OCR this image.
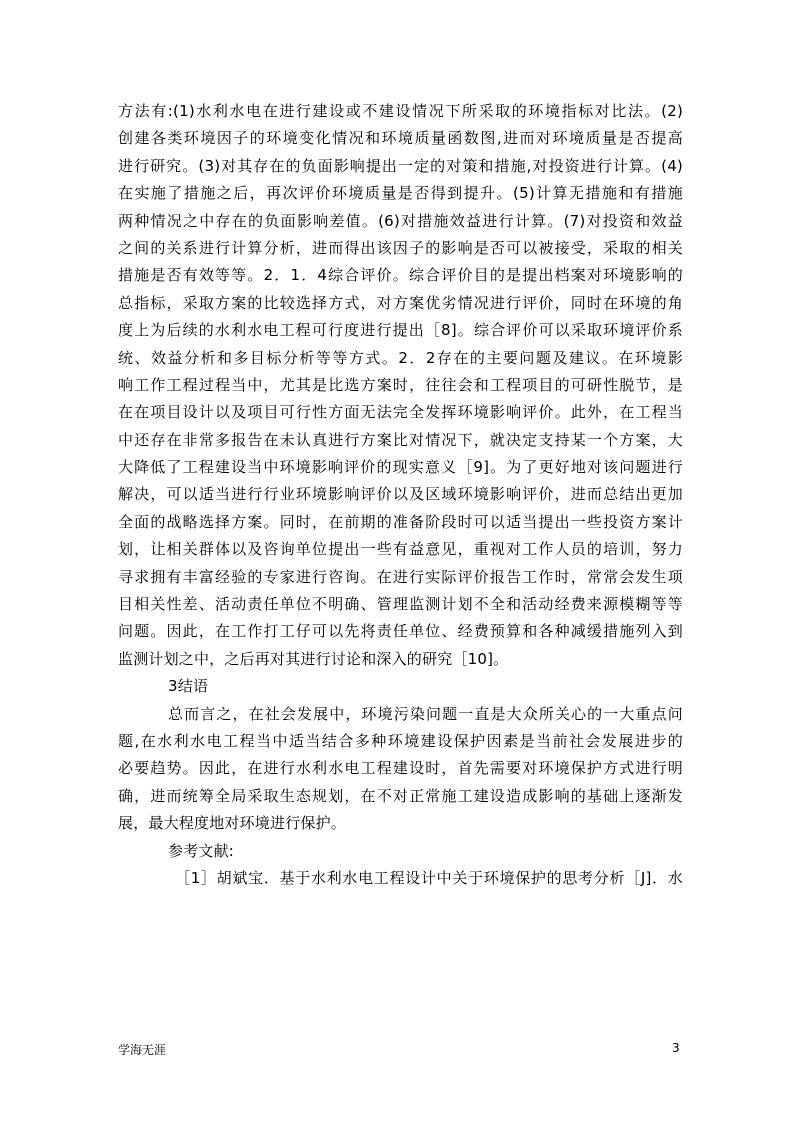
方法有:(1)水利水电在进行建设或不建设情况下所采取的环境指标对比法。(2)
创建各类环境因子的环境变化情况和环境质量函数图,进而对环境质量是否提高
进行研究。(3)对其存在的负面影响提出一定的对策和措施,对投资进行计算。(4)
在实施了措施之后，再次评价环境质量是否得到提升。(5)计算无措施和有措施
两种情况之中存在的负面影响差值。(6)对措施效益进行计算。(7)对投资和效益
之间的关系进行计算分析，进而得出该因子的影响是否可以被接受，采取的相关
措施是否有效等等。2．1．4综合评价。综合评价目的是提出档案对环境影响的
总指标，采取方案的比较选择方式，对方案优劣情况进行评价，同时在环境的角
度上为后续的水利水电工程可行度进行提出［8]。综合评价可以采取环境评价系
统、效益分析和多目标分析等等方式。2．2存在的主要问题及建议。在环境影
响工作工程过程当中，尤其是比选方案时，往往会和工程项目的可研性脱节，是
在在项目设计以及项目可行性方面无法完全发挥环境影响评价。此外，在工程当
中还存在非常多报告在未认真进行方案比对情况下，就决定支持某一个方案，大
大降低了工程建设当中环境影响评价的现实意义［9]。为了更好地对该问题进行
解决，可以适当进行行业环境影响评价以及区域环境影响评价，进而总结出更加
全面的战略选择方案。同时，在前期的准备阶段时可以适当提出一些投资方案计
划，让相关群体以及咨询单位提出一些有益意见，重视对工作人员的培训，努力
寻求拥有丰富经验的专家进行咨询。在进行实际评价报告工作时，常常会发生项
目相关性差、活动责任单位不明确、管理监测计划不全和活动经费来源模糊等等
问题。因此，在工作打工仔可以先将责任单位、经费预算和各种减缓措施列入到
监测计划之中，之后再对其进行讨论和深入的研究［10]。
3结语
总而言之，在社会发展中，环境污染问题一直是大众所关心的一大重点问
题,在水利水电工程当中适当结合多种环境建设保护因素是当前社会发展进步的
必要趋势。因此，在进行水利水电工程建设时，首先需要对环境保护方式进行明
确，进而统筹全局采取生态规划，在不对正常施工建设造成影响的基础上逐渐发
展，最大程度地对环境进行保护。
参考文献:
［1］胡斌宝．基于水利水电工程设计中关于环境保护的思考分析［J]．水
学海无涯	3
